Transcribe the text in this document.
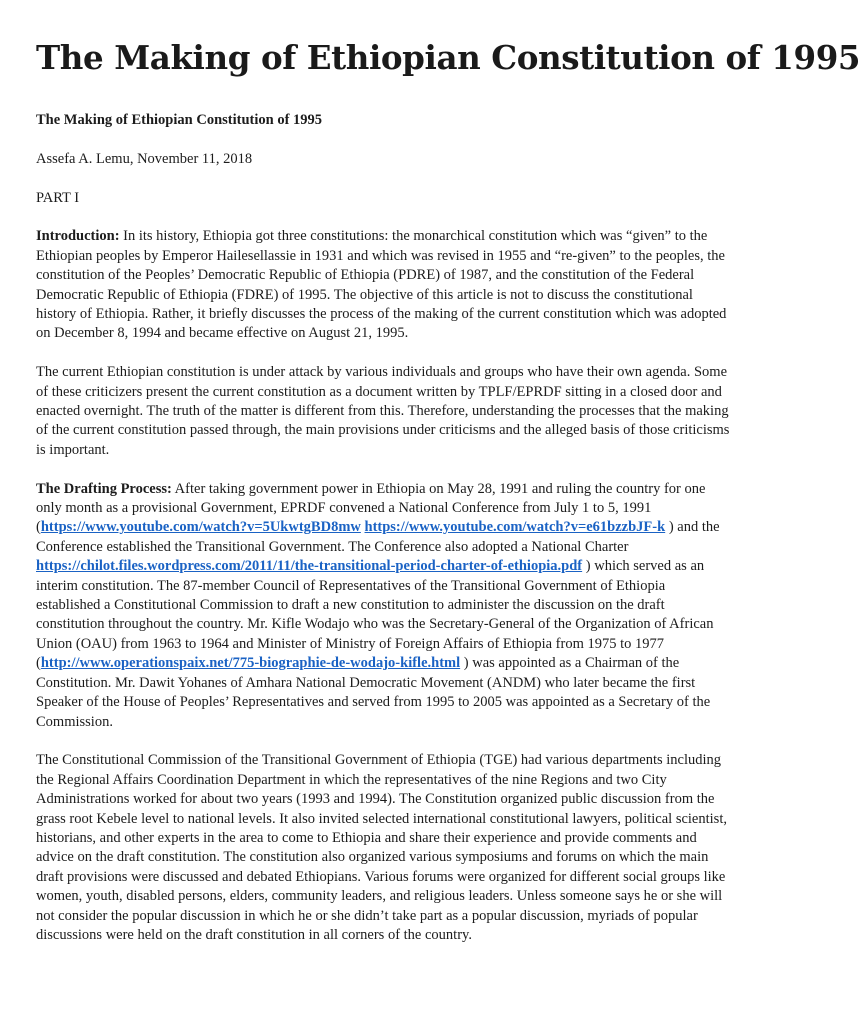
The Making of Ethiopian Constitution of 1995

The Making of Ethiopian Constitution of 1995

Assefa A. Lemu, November 11, 2018

PART I

Introduction: In its history, Ethiopia got three constitutions: the monarchical constitution which was “given” to the Ethiopian peoples by Emperor Hailesellassie in 1931 and which was revised in 1955 and “re-given” to the peoples, the constitution of the Peoples’ Democratic Republic of Ethiopia (PDRE) of 1987, and the constitution of the Federal Democratic Republic of Ethiopia (FDRE) of 1995. The objective of this article is not to discuss the constitutional history of Ethiopia. Rather, it briefly discusses the process of the making of the current constitution which was adopted on December 8, 1994 and became effective on August 21, 1995.

The current Ethiopian constitution is under attack by various individuals and groups who have their own agenda. Some of these criticizers present the current constitution as a document written by TPLF/EPRDF sitting in a closed door and enacted overnight. The truth of the matter is different from this. Therefore, understanding the processes that the making of the current constitution passed through, the main provisions under criticisms and the alleged basis of those criticisms is important.

The Drafting Process: After taking government power in Ethiopia on May 28, 1991 and ruling the country for one only month as a provisional Government, EPRDF convened a National Conference from July 1 to 5, 1991 (https://www.youtube.com/watch?v=5UkwtgBD8mw https://www.youtube.com/watch?v=e61bzzbJF-k ) and the Conference established the Transitional Government. The Conference also adopted a National Charter https://chilot.files.wordpress.com/2011/11/the-transitional-period-charter-of-ethiopia.pdf ) which served as an interim constitution. The 87-member Council of Representatives of the Transitional Government of Ethiopia established a Constitutional Commission to draft a new constitution to administer the discussion on the draft constitution throughout the country. Mr. Kifle Wodajo who was the Secretary-General of the Organization of African Union (OAU) from 1963 to 1964 and Minister of Ministry of Foreign Affairs of Ethiopia from 1975 to 1977 (http://www.operationspaix.net/775-biographie-de-wodajo-kifle.html ) was appointed as a Chairman of the Constitution. Mr. Dawit Yohanes of Amhara National Democratic Movement (ANDM) who later became the first Speaker of the House of Peoples’ Representatives and served from 1995 to 2005 was appointed as a Secretary of the Commission.

The Constitutional Commission of the Transitional Government of Ethiopia (TGE) had various departments including the Regional Affairs Coordination Department in which the representatives of the nine Regions and two City Administrations worked for about two years (1993 and 1994). The Constitution organized public discussion from the grass root Kebele level to national levels. It also invited selected international constitutional lawyers, political scientist, historians, and other experts in the area to come to Ethiopia and share their experience and provide comments and advice on the draft constitution. The constitution also organized various symposiums and forums on which the main draft provisions were discussed and debated Ethiopians. Various forums were organized for different social groups like women, youth, disabled persons, elders, community leaders, and religious leaders. Unless someone says he or she will not consider the popular discussion in which he or she didn’t take part as a popular discussion, myriads of popular discussions were held on the draft constitution in all corners of the country.
